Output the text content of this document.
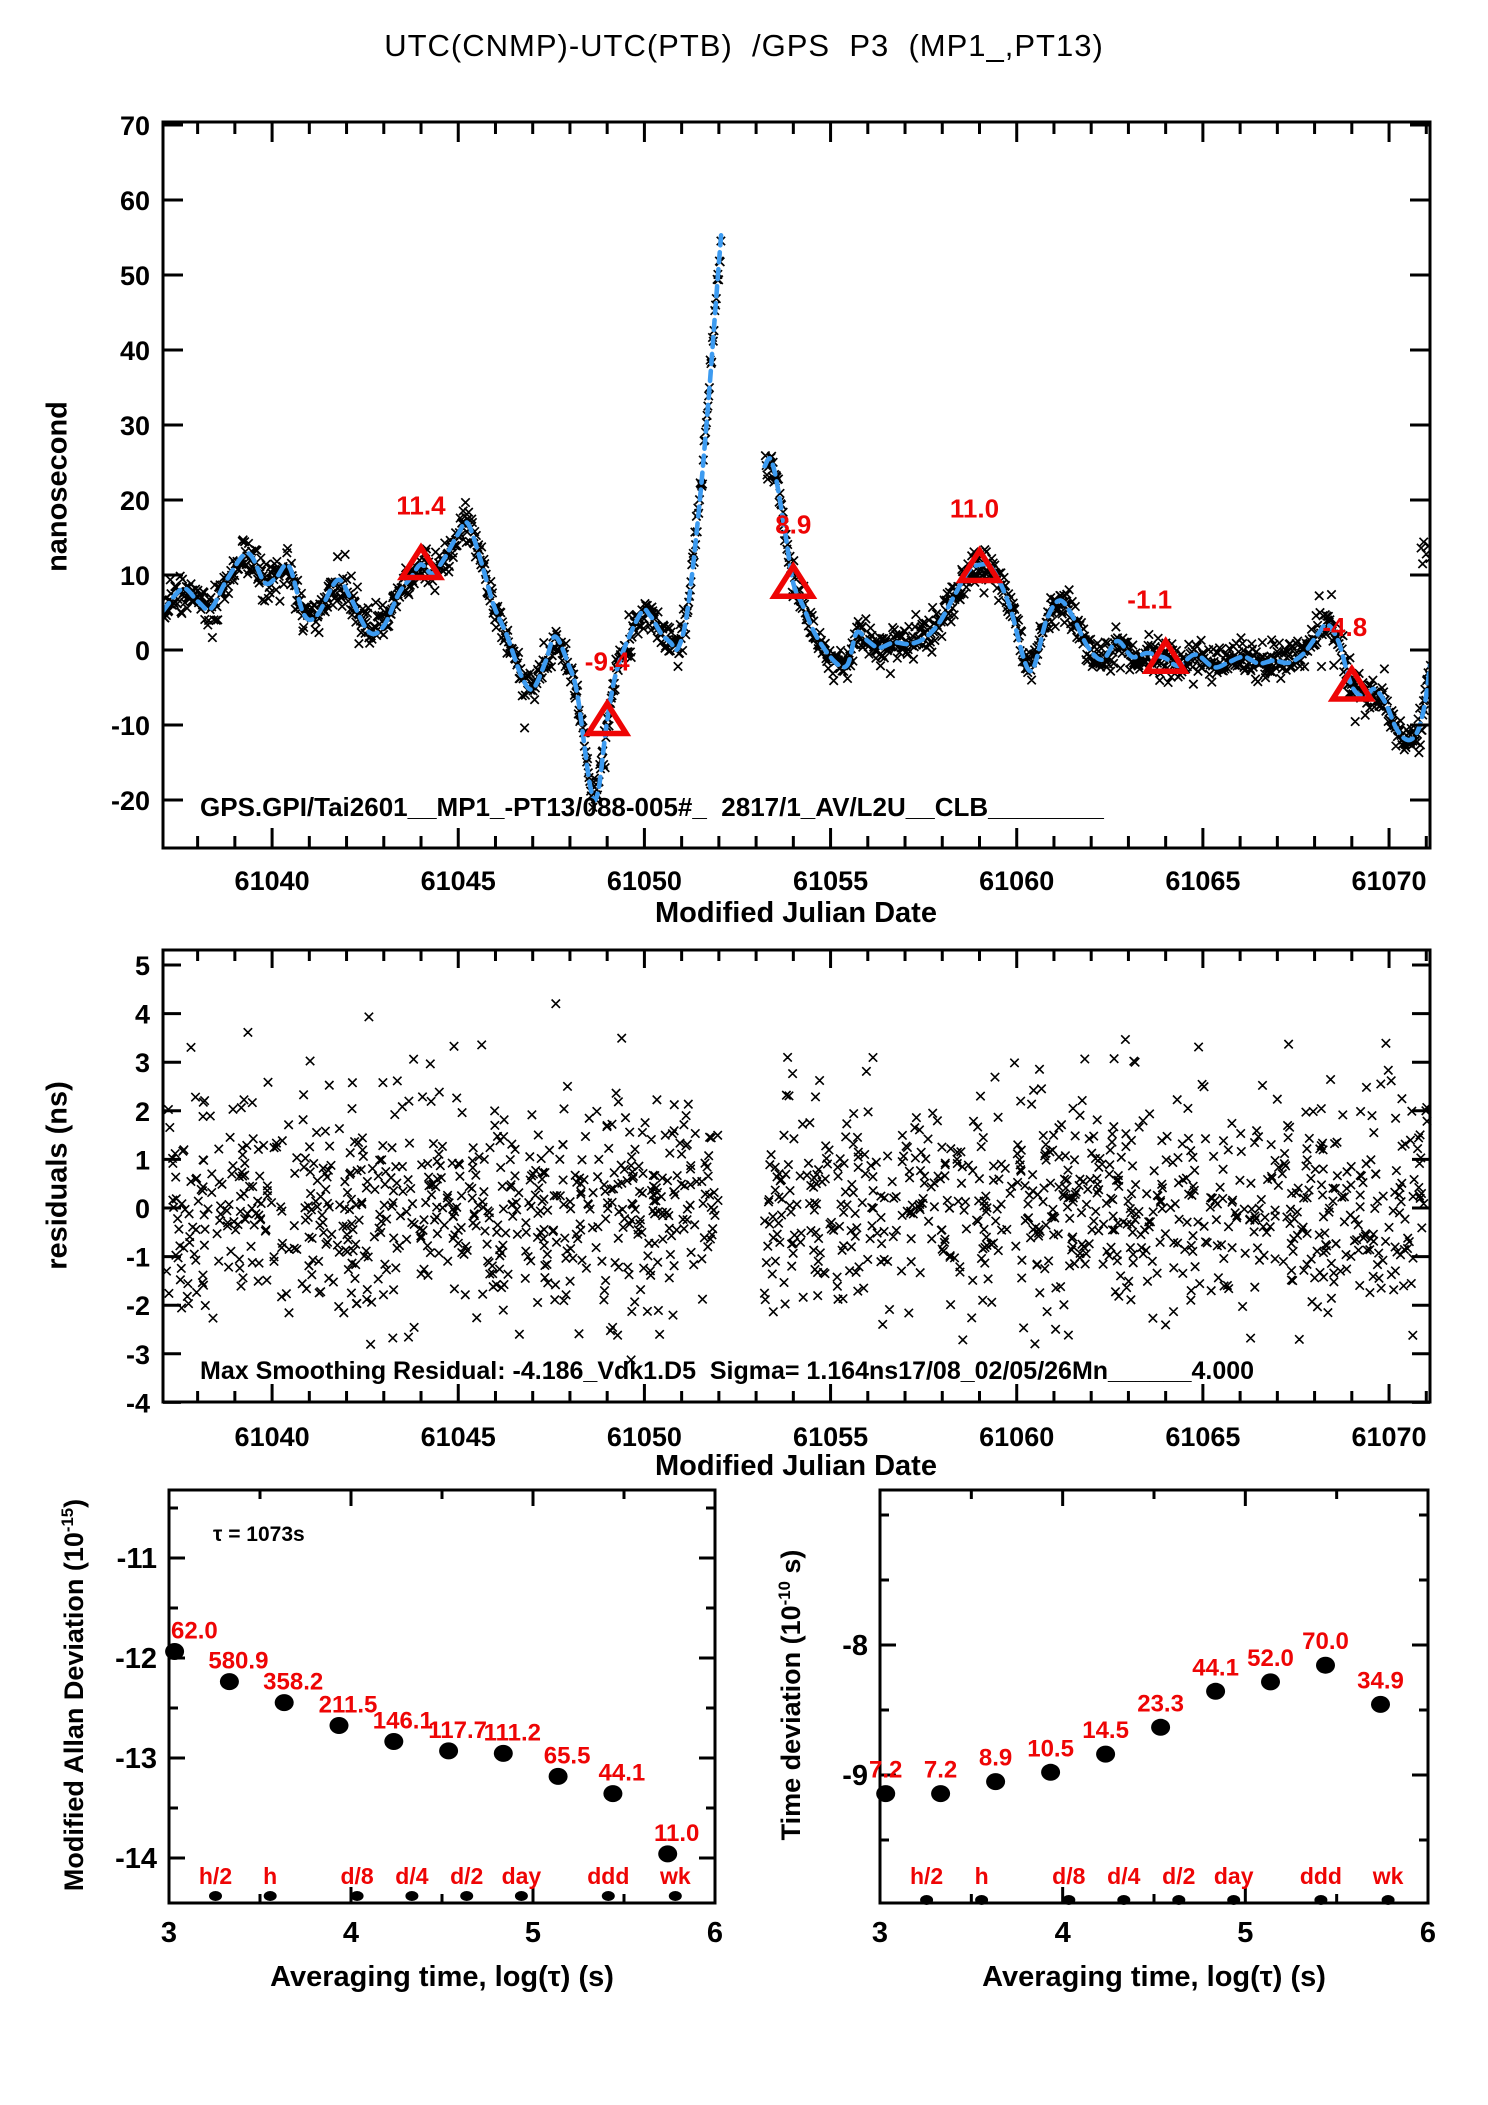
61040	61045	61050	61055	61060	61065	61070
70
60
50
40
30
20
10
0
-10
-20
11.4
-9.4
8.9
11.0
-1.1
-4.8
61040	61045	61050	61055	61060	61065	61070
5
4
3
2
1
0
-1
-2
-3
-4
3	4	5	6
-11
-12
-13
-14
h/2 h	d/8 d/4 d/2 day ddd wk
62.0
580.9
358.2
211.5
146.1
117.7
111.2
65.5
44.1
11.0
3	4	5	6
-8
-9
h/2 h	d/8 d/4 d/2 day ddd wk
7.2 7.2 8.9 10.5
14.5
23.3
44.1 52.0
70.0
34.9
UTC(CNMP)-UTC(PTB)  /GPS  P3  (MP1_,PT13)
nanosecond
Modified Julian Date
GPS.GPI/Tai2601__MP1_-PT13/088-005#_  2817/1_AV/L2U__CLB________
residuals (ns)
Modified Julian Date
Max Smoothing Residual: -4.186_Vdk1.D5  Sigma= 1.164ns17/08_02/05/26Mn______4.000
Modified Allan Deviation $(10^{-15})$
Averaging time, log(τ) (s)
τ = 1073s
Time deviation ($10^{-10}$ s)
Averaging time, log(τ) (s)
